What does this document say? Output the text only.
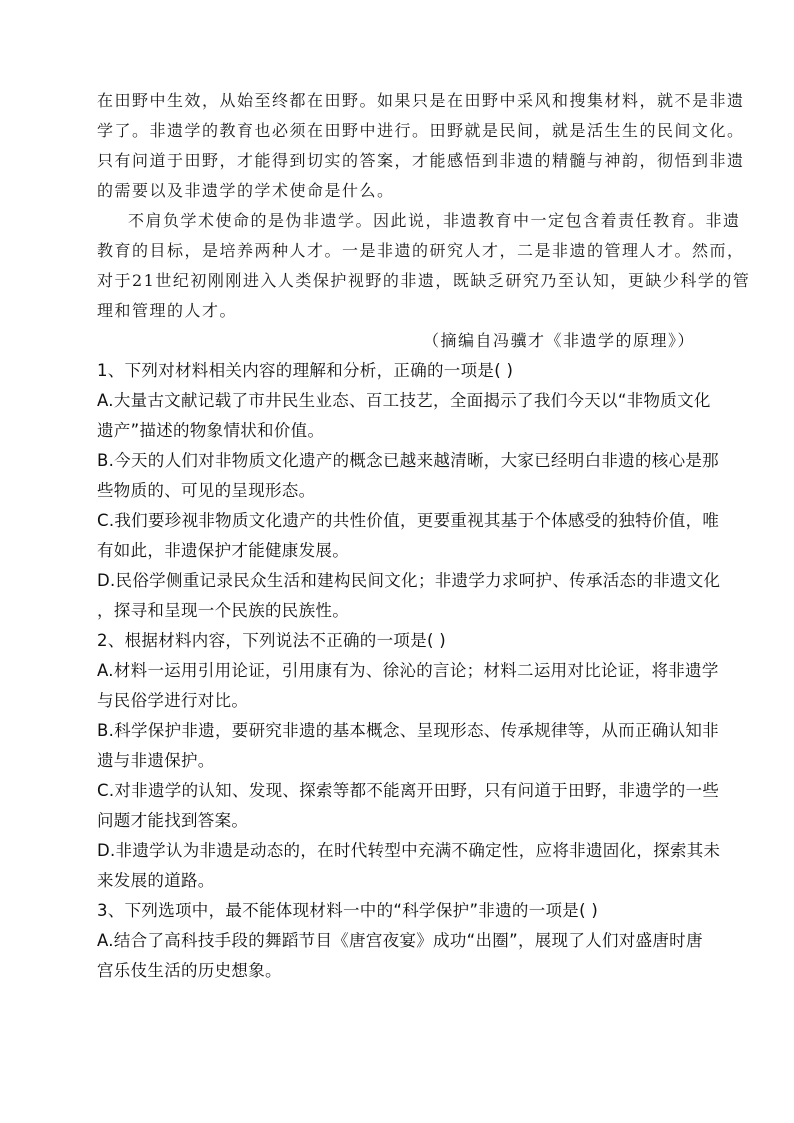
在田野中生效，从始至终都在田野。如果只是在田野中采风和搜集材料，就不是非遗
学了。非遗学的教育也必须在田野中进行。田野就是民间，就是活生生的民间文化。
只有问道于田野，才能得到切实的答案，才能感悟到非遗的精髓与神韵，彻悟到非遗
的需要以及非遗学的学术使命是什么。
不肩负学术使命的是伪非遗学。因此说，非遗教育中一定包含着责任教育。非遗
教育的目标，是培养两种人才。一是非遗的研究人才，二是非遗的管理人才。然而，
对于21世纪初刚刚进入人类保护视野的非遗，既缺乏研究乃至认知，更缺少科学的管
理和管理的人才。
（摘编自冯骥才《非遗学的原理》）
1、下列对材料相关内容的理解和分析，正确的一项是( )
A.大量古文献记载了市井民生业态、百工技艺，全面揭示了我们今天以“非物质文化
遗产”描述的物象情状和价值。
B.今天的人们对非物质文化遗产的概念已越来越清晰，大家已经明白非遗的核心是那
些物质的、可见的呈现形态。
C.我们要珍视非物质文化遗产的共性价值，更要重视其基于个体感受的独特价值，唯
有如此，非遗保护才能健康发展。
D.民俗学侧重记录民众生活和建构民间文化；非遗学力求呵护、传承活态的非遗文化
，探寻和呈现一个民族的民族性。
2、根据材料内容，下列说法不正确的一项是( )
A.材料一运用引用论证，引用康有为、徐沁的言论；材料二运用对比论证，将非遗学
与民俗学进行对比。
B.科学保护非遗，要研究非遗的基本概念、呈现形态、传承规律等，从而正确认知非
遗与非遗保护。
C.对非遗学的认知、发现、探索等都不能离开田野，只有问道于田野，非遗学的一些
问题才能找到答案。
D.非遗学认为非遗是动态的，在时代转型中充满不确定性，应将非遗固化，探索其未
来发展的道路。
3、下列选项中，最不能体现材料一中的“科学保护”非遗的一项是( )
A.结合了高科技手段的舞蹈节目《唐宫夜宴》成功“出圈”，展现了人们对盛唐时唐
宫乐伎生活的历史想象。
